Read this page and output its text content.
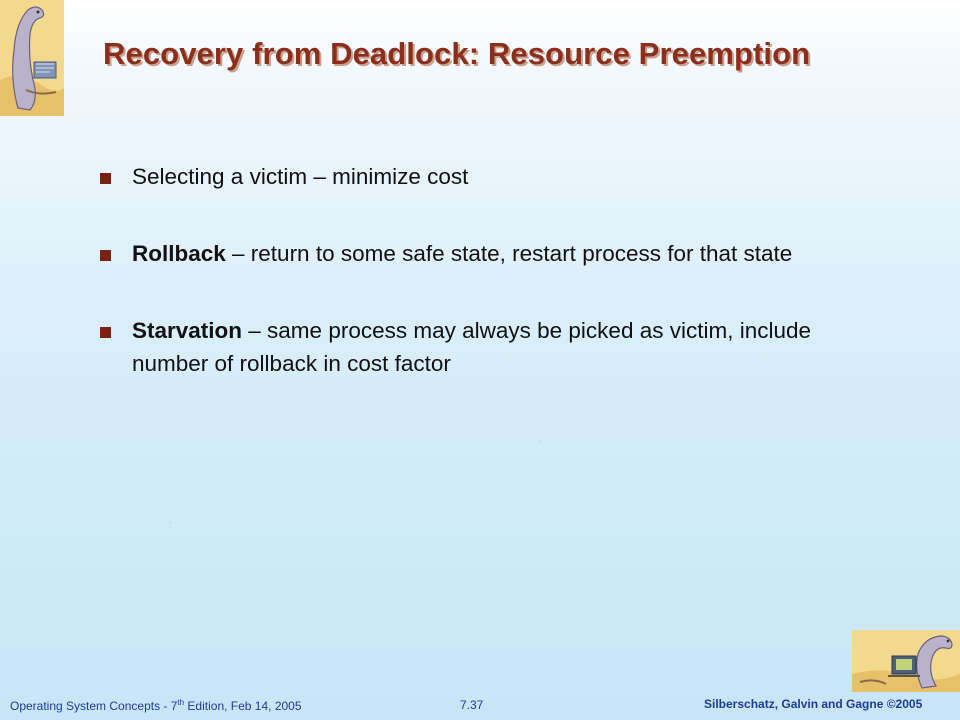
Recovery from Deadlock: Resource Preemption
Selecting a victim – minimize cost
Rollback – return to some safe state, restart process for that state
Starvation – same process may always be picked as victim, include number of rollback in cost factor
Operating System Concepts - 7th Edition, Feb 14, 2005	7.37	Silberschatz, Galvin and Gagne ©2005
